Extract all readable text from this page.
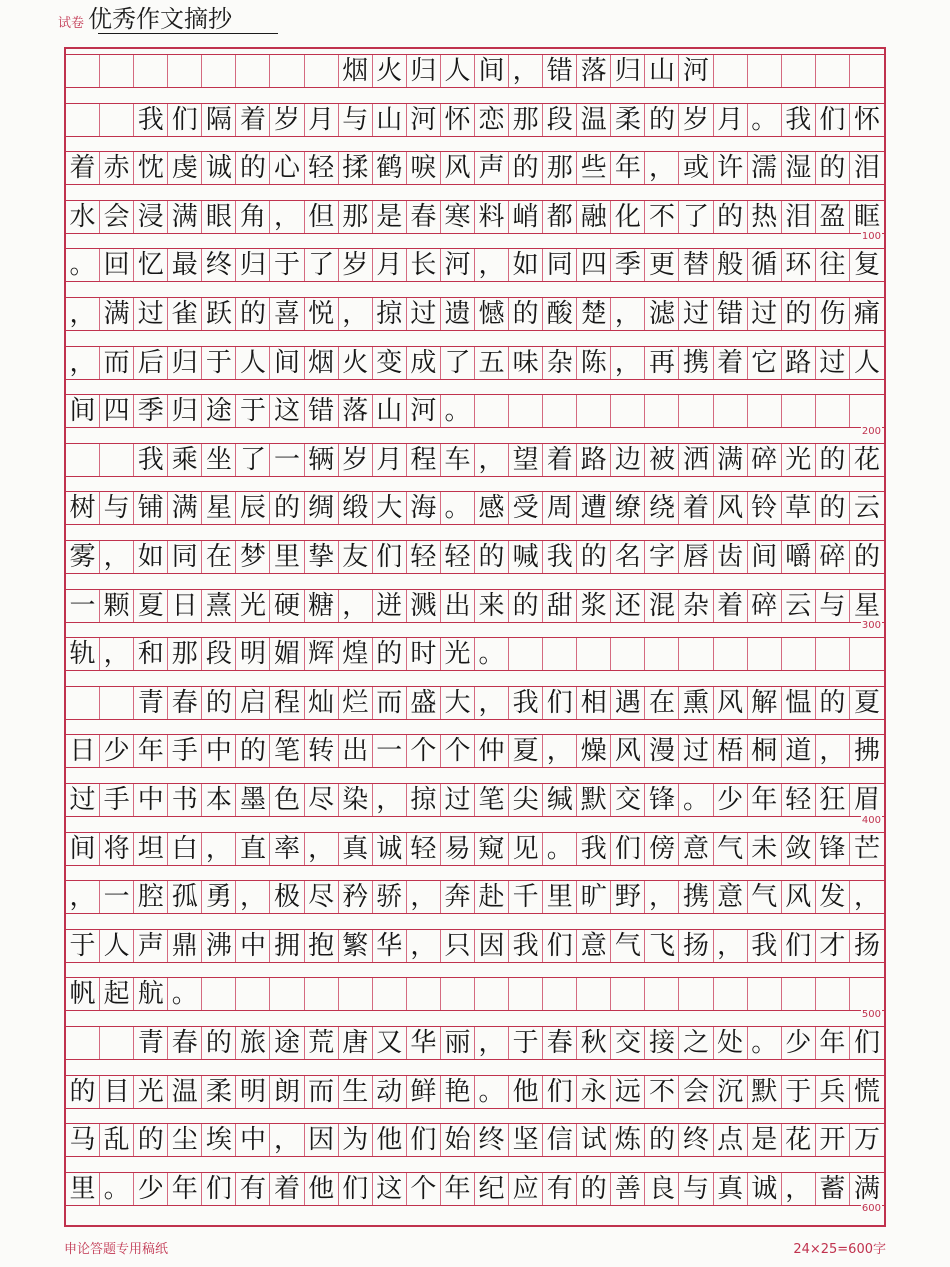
试卷 优秀作文摘抄
烟 火 归 人 间 ， 错 落 归 山 河
我 们 隔 着 岁 月 与 山 河 怀 恋 那 段 温 柔 的 岁 月 。 我 们 怀
着 赤 忱 虔 诚 的 心 轻 揉 鹤 唳 风 声 的 那 些 年 ， 或 许 濡 湿 的 泪
水 会 浸 满 眼 角 ， 但 那 是 春 寒 料 峭 都 融 化 不 了 的 热 泪 盈 眶
。 回 忆 最 终 归 于 了 岁 月 长 河 ， 如 同 四 季 更 替 般 循 环 往 复
， 满 过 雀 跃 的 喜 悦 ， 掠 过 遗 憾 的 酸 楚 ， 滤 过 错 过 的 伤 痛
， 而 后 归 于 人 间 烟 火 变 成 了 五 味 杂 陈 ， 再 携 着 它 路 过 人
间 四 季 归 途 于 这 错 落 山 河 。
我 乘 坐 了 一 辆 岁 月 程 车 ， 望 着 路 边 被 洒 满 碎 光 的 花
树 与 铺 满 星 辰 的 绸 缎 大 海 。 感 受 周 遭 缭 绕 着 风 铃 草 的 云
雾 ， 如 同 在 梦 里 挚 友 们 轻 轻 的 喊 我 的 名 字 唇 齿 间 嚼 碎 的
一 颗 夏 日 熹 光 硬 糖 ， 迸 溅 出 来 的 甜 浆 还 混 杂 着 碎 云 与 星
轨 ， 和 那 段 明 媚 辉 煌 的 时 光 。
青 春 的 启 程 灿 烂 而 盛 大 ， 我 们 相 遇 在 熏 风 解 愠 的 夏
日 少 年 手 中 的 笔 转 出 一 个 个 仲 夏 ， 燥 风 漫 过 梧 桐 道 ， 拂
过 手 中 书 本 墨 色 尽 染 ， 掠 过 笔 尖 缄 默 交 锋 。 少 年 轻 狂 眉
间 将 坦 白 ， 直 率 ， 真 诚 轻 易 窥 见 。 我 们 傍 意 气 未 敛 锋 芒
， 一 腔 孤 勇 ， 极 尽 矜 骄 ， 奔 赴 千 里 旷 野 ， 携 意 气 风 发 ，
于 人 声 鼎 沸 中 拥 抱 繁 华 ， 只 因 我 们 意 气 飞 扬 ， 我 们 才 扬
帆 起 航 。
青 春 的 旅 途 荒 唐 又 华 丽 ， 于 春 秋 交 接 之 处 。 少 年 们
的 目 光 温 柔 明 朗 而 生 动 鲜 艳 。 他 们 永 远 不 会 沉 默 于 兵 慌
马 乱 的 尘 埃 中 ， 因 为 他 们 始 终 坚 信 试 炼 的 终 点 是 花 开 万
里 。 少 年 们 有 着 他 们 这 个 年 纪 应 有 的 善 良 与 真 诚 ， 蓄 满
100
200
300
400
500
600
申论答题专用稿纸	24×25=600字
